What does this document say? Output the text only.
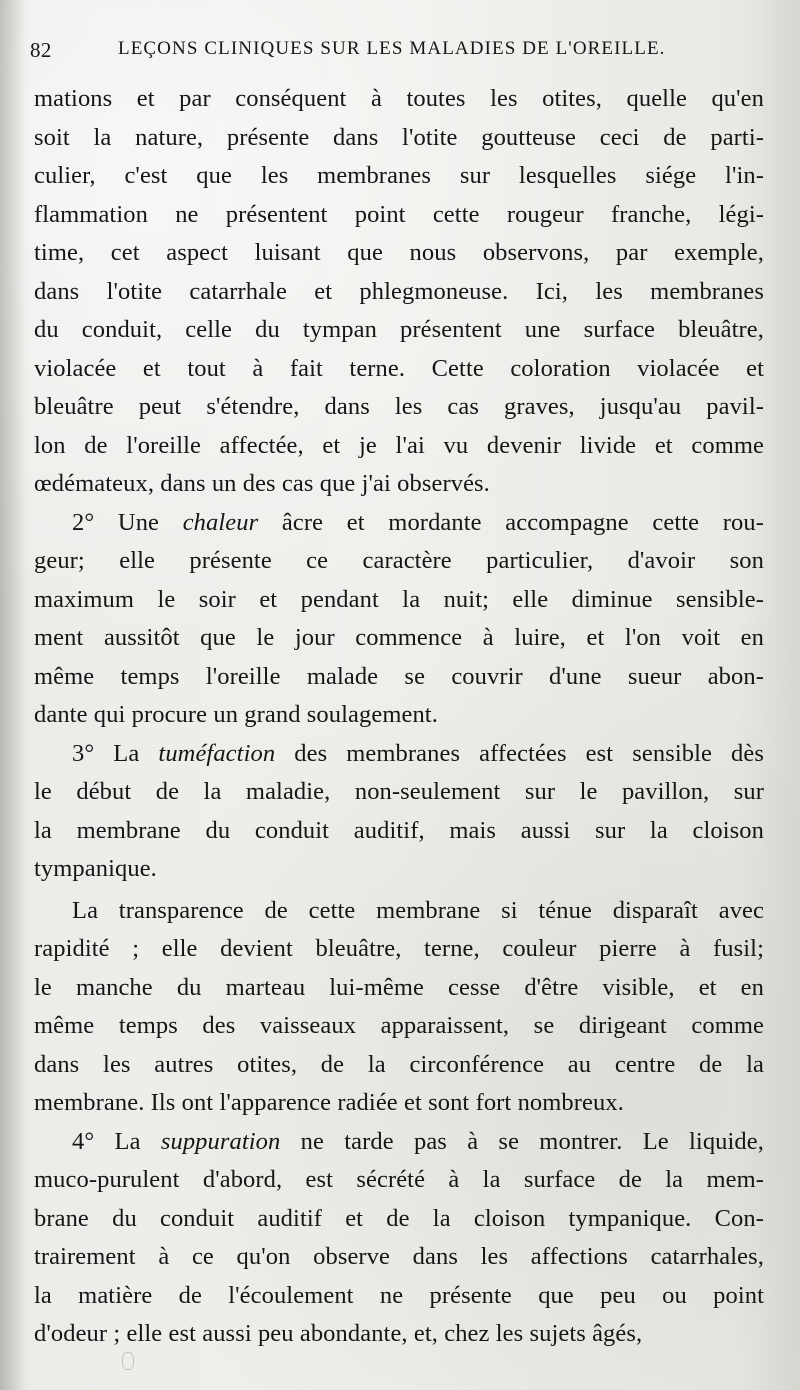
82	LEÇONS CLINIQUES SUR LES MALADIES DE L'OREILLE.
mations et par conséquent à toutes les otites, quelle qu'en
soit la nature, présente dans l'otite goutteuse ceci de parti-
culier, c'est que les membranes sur lesquelles siége l'in-
flammation ne présentent point cette rougeur franche, légi-
time, cet aspect luisant que nous observons, par exemple,
dans l'otite catarrhale et phlegmoneuse. Ici, les membranes
du conduit, celle du tympan présentent une surface bleuâtre,
violacée et tout à fait terne. Cette coloration violacée et
bleuâtre peut s'étendre, dans les cas graves, jusqu'au pavil-
lon de l'oreille affectée, et je l'ai vu devenir livide et comme
œdémateux, dans un des cas que j'ai observés.
2° Une chaleur âcre et mordante accompagne cette rou-
geur; elle présente ce caractère particulier, d'avoir son
maximum le soir et pendant la nuit; elle diminue sensible-
ment aussitôt que le jour commence à luire, et l'on voit en
même temps l'oreille malade se couvrir d'une sueur abon-
dante qui procure un grand soulagement.
3° La tuméfaction des membranes affectées est sensible dès
le début de la maladie, non-seulement sur le pavillon, sur
la membrane du conduit auditif, mais aussi sur la cloison
tympanique.
La transparence de cette membrane si ténue disparaît avec
rapidité ; elle devient bleuâtre, terne, couleur pierre à fusil;
le manche du marteau lui-même cesse d'être visible, et en
même temps des vaisseaux apparaissent, se dirigeant comme
dans les autres otites, de la circonférence au centre de la
membrane. Ils ont l'apparence radiée et sont fort nombreux.
4° La suppuration ne tarde pas à se montrer. Le liquide,
muco-purulent d'abord, est sécrété à la surface de la mem-
brane du conduit auditif et de la cloison tympanique. Con-
trairement à ce qu'on observe dans les affections catarrhales,
la matière de l'écoulement ne présente que peu ou point
d'odeur ; elle est aussi peu abondante, et, chez les sujets âgés,
